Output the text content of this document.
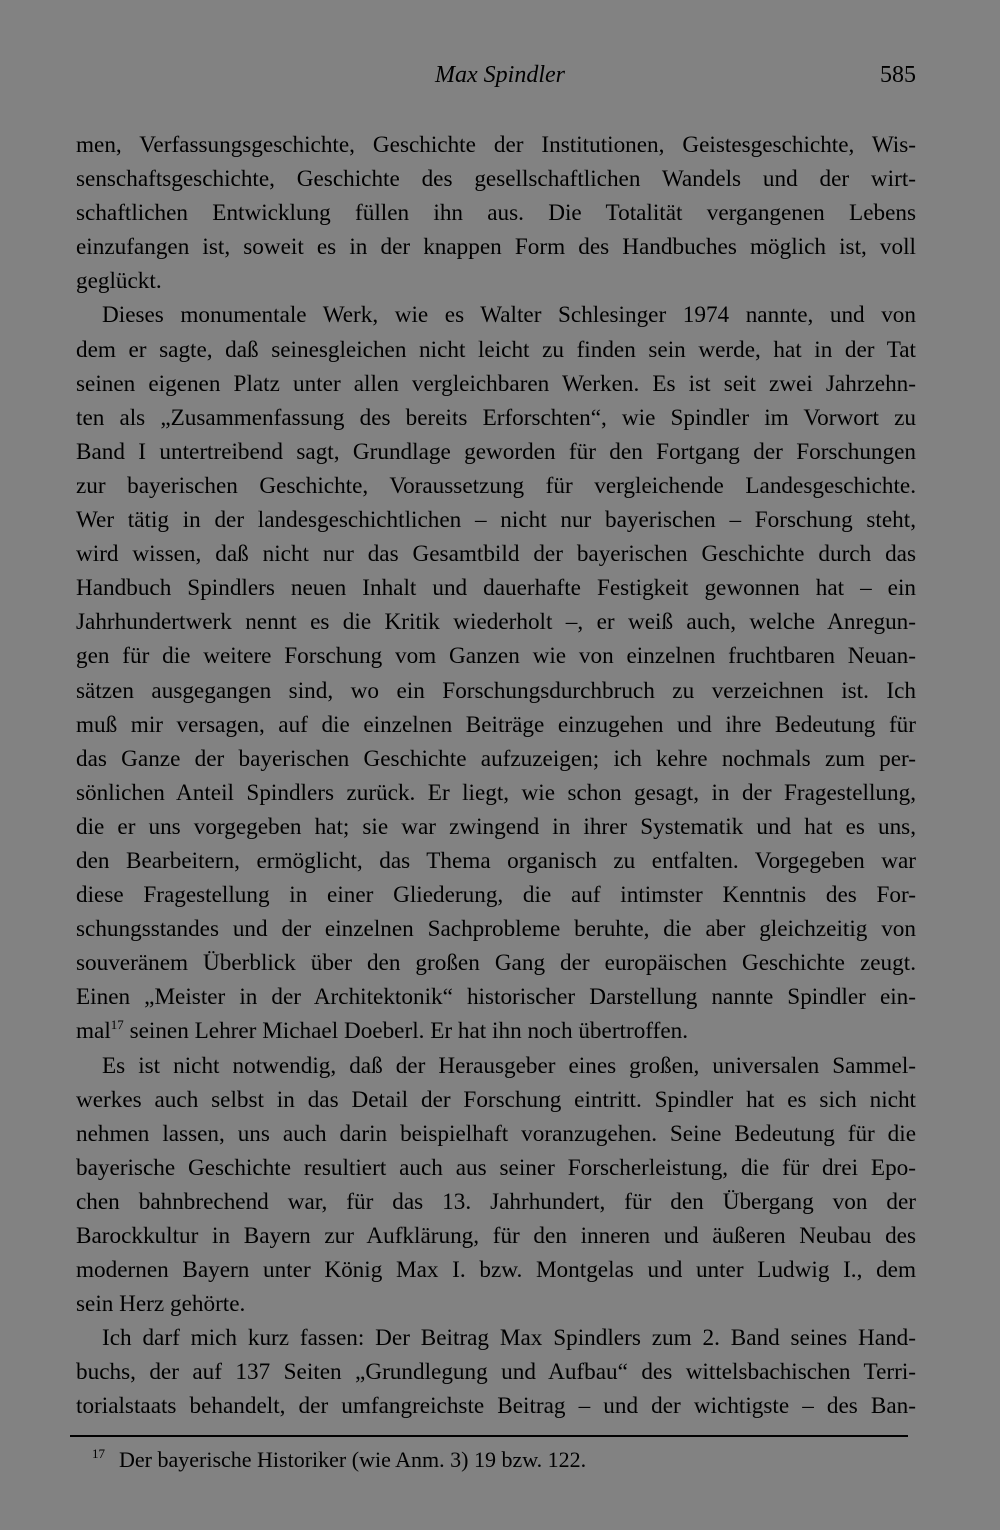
Max Spindler	585
men, Verfassungsgeschichte, Geschichte der Institutionen, Geistesgeschichte, Wis-
senschaftsgeschichte, Geschichte des gesellschaftlichen Wandels und der wirt-
schaftlichen Entwicklung füllen ihn aus. Die Totalität vergangenen Lebens
einzufangen ist, soweit es in der knappen Form des Handbuches möglich ist, voll
geglückt.
Dieses monumentale Werk, wie es Walter Schlesinger 1974 nannte, und von
dem er sagte, daß seinesgleichen nicht leicht zu finden sein werde, hat in der Tat
seinen eigenen Platz unter allen vergleichbaren Werken. Es ist seit zwei Jahrzehn-
ten als „Zusammenfassung des bereits Erforschten“, wie Spindler im Vorwort zu
Band I untertreibend sagt, Grundlage geworden für den Fortgang der Forschungen
zur bayerischen Geschichte, Voraussetzung für vergleichende Landesgeschichte.
Wer tätig in der landesgeschichtlichen – nicht nur bayerischen – Forschung steht,
wird wissen, daß nicht nur das Gesamtbild der bayerischen Geschichte durch das
Handbuch Spindlers neuen Inhalt und dauerhafte Festigkeit gewonnen hat – ein
Jahrhundertwerk nennt es die Kritik wiederholt –, er weiß auch, welche Anregun-
gen für die weitere Forschung vom Ganzen wie von einzelnen fruchtbaren Neuan-
sätzen ausgegangen sind, wo ein Forschungsdurchbruch zu verzeichnen ist. Ich
muß mir versagen, auf die einzelnen Beiträge einzugehen und ihre Bedeutung für
das Ganze der bayerischen Geschichte aufzuzeigen; ich kehre nochmals zum per-
sönlichen Anteil Spindlers zurück. Er liegt, wie schon gesagt, in der Fragestellung,
die er uns vorgegeben hat; sie war zwingend in ihrer Systematik und hat es uns,
den Bearbeitern, ermöglicht, das Thema organisch zu entfalten. Vorgegeben war
diese Fragestellung in einer Gliederung, die auf intimster Kenntnis des For-
schungsstandes und der einzelnen Sachprobleme beruhte, die aber gleichzeitig von
souveränem Überblick über den großen Gang der europäischen Geschichte zeugt.
Einen „Meister in der Architektonik“ historischer Darstellung nannte Spindler ein-
mal$^{17}$ seinen Lehrer Michael Doeberl. Er hat ihn noch übertroffen.
Es ist nicht notwendig, daß der Herausgeber eines großen, universalen Sammel-
werkes auch selbst in das Detail der Forschung eintritt. Spindler hat es sich nicht
nehmen lassen, uns auch darin beispielhaft voranzugehen. Seine Bedeutung für die
bayerische Geschichte resultiert auch aus seiner Forscherleistung, die für drei Epo-
chen bahnbrechend war, für das 13. Jahrhundert, für den Übergang von der
Barockkultur in Bayern zur Aufklärung, für den inneren und äußeren Neubau des
modernen Bayern unter König Max I. bzw. Montgelas und unter Ludwig I., dem
sein Herz gehörte.
Ich darf mich kurz fassen: Der Beitrag Max Spindlers zum 2. Band seines Hand-
buchs, der auf 137 Seiten „Grundlegung und Aufbau“ des wittelsbachischen Terri-
torialstaats behandelt, der umfangreichste Beitrag – und der wichtigste – des Ban-
$^{17}$ Der bayerische Historiker (wie Anm. 3) 19 bzw. 122.
